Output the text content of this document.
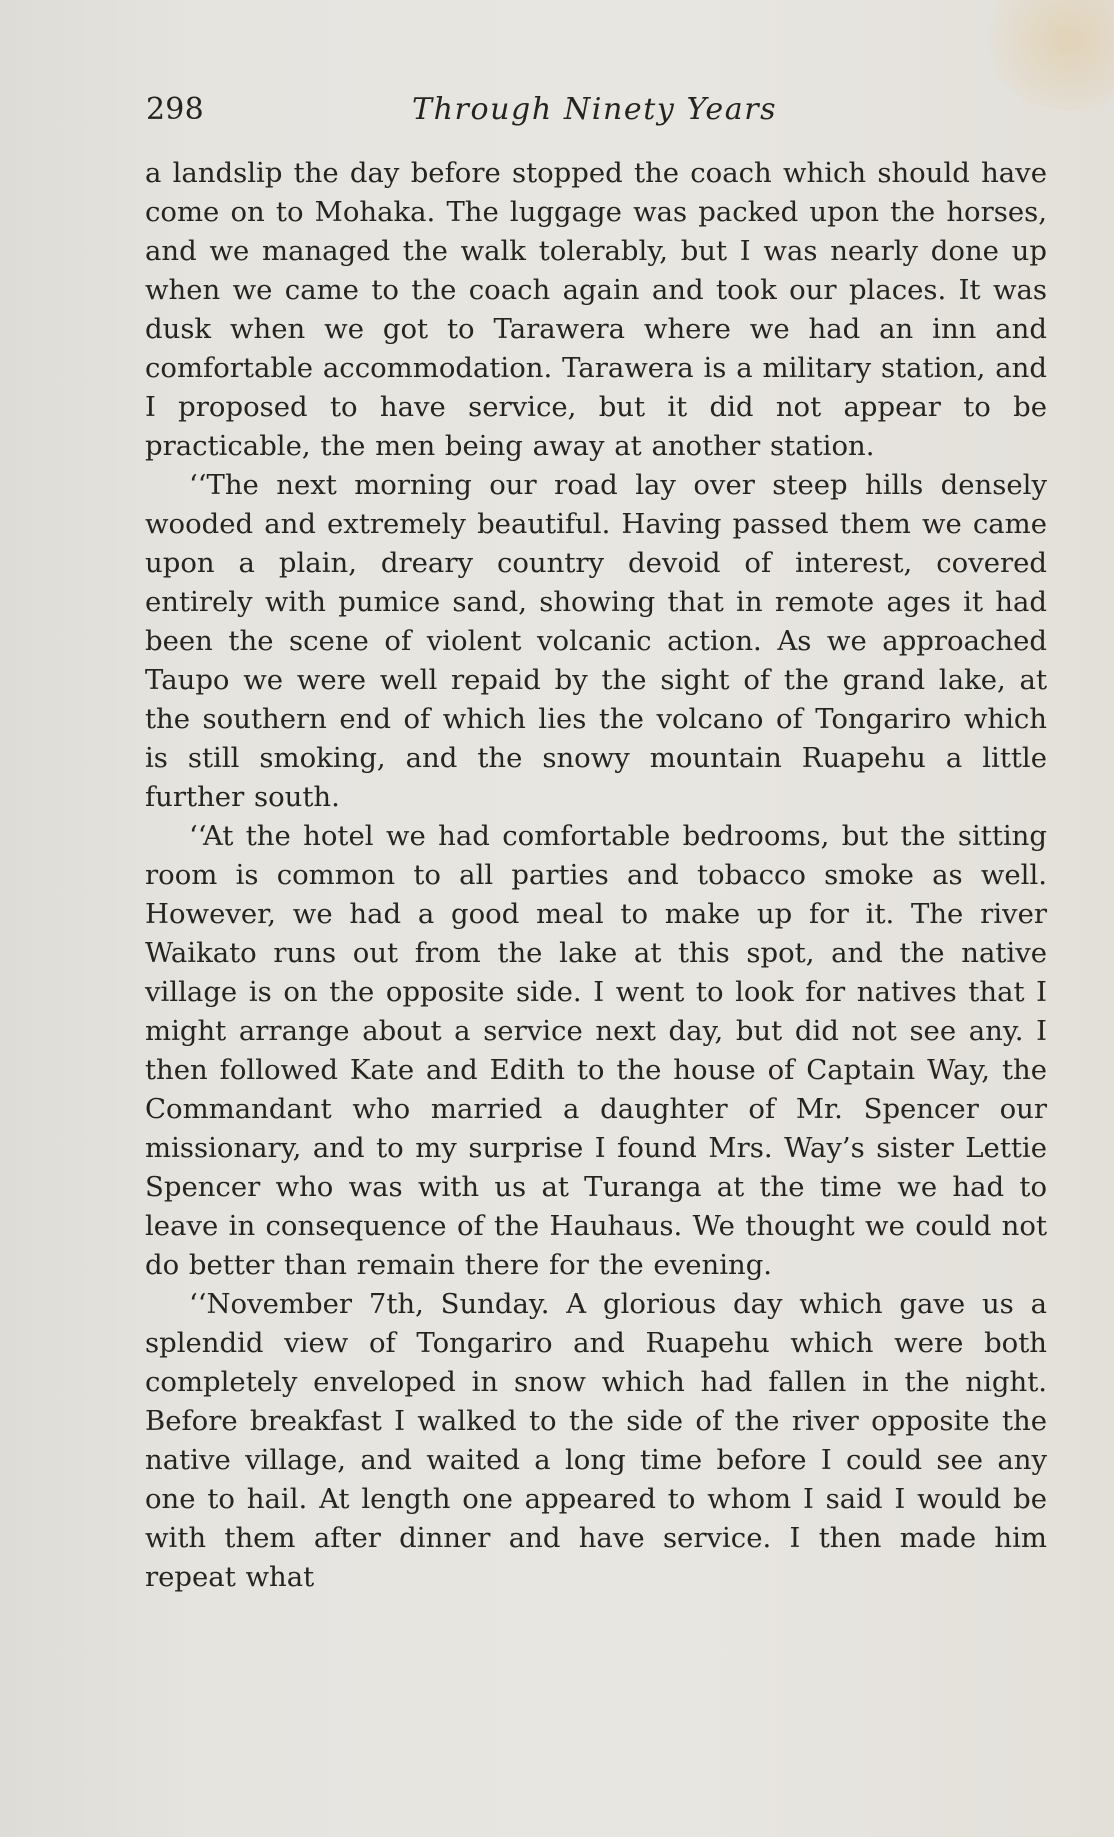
298	Through Ninety Years

a landslip the day before stopped the coach which should have come on to Mohaka. The luggage was packed upon the horses, and we managed the walk tolerably, but I was nearly done up when we came to the coach again and took our places. It was dusk when we got to Tarawera where we had an inn and comfortable accommodation. Tarawera is a military station, and I proposed to have service, but it did not appear to be practicable, the men being away at another station.

‘‘The next morning our road lay over steep hills densely wooded and extremely beautiful. Having passed them we came upon a plain, dreary country devoid of interest, covered entirely with pumice sand, showing that in remote ages it had been the scene of violent volcanic action. As we approached Taupo we were well repaid by the sight of the grand lake, at the southern end of which lies the volcano of Tongariro which is still smoking, and the snowy mountain Ruapehu a little further south.

‘‘At the hotel we had comfortable bedrooms, but the sitting room is common to all parties and tobacco smoke as well. However, we had a good meal to make up for it. The river Waikato runs out from the lake at this spot, and the native village is on the opposite side. I went to look for natives that I might arrange about a service next day, but did not see any. I then followed Kate and Edith to the house of Captain Way, the Commandant who married a daughter of Mr. Spencer our missionary, and to my surprise I found Mrs. Way’s sister Lettie Spencer who was with us at Turanga at the time we had to leave in consequence of the Hauhaus. We thought we could not do better than remain there for the evening.

‘‘November 7th, Sunday. A glorious day which gave us a splendid view of Tongariro and Ruapehu which were both completely enveloped in snow which had fallen in the night. Before breakfast I walked to the side of the river opposite the native village, and waited a long time before I could see any one to hail. At length one appeared to whom I said I would be with them after dinner and have service. I then made him repeat what
